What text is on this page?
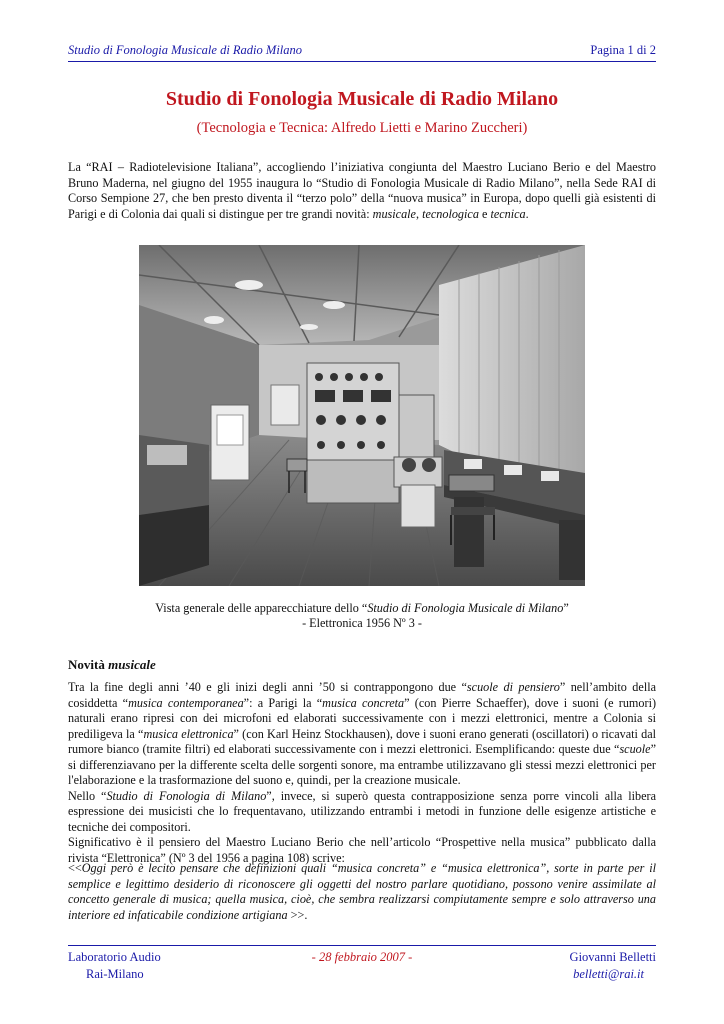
Studio di Fonologia Musicale di Radio Milano	Pagina 1 di 2
Studio di Fonologia Musicale di Radio Milano
(Tecnologia e Tecnica: Alfredo Lietti e Marino Zuccheri)

La “RAI – Radiotelevisione Italiana”, accogliendo l’iniziativa congiunta del Maestro Luciano Berio e del Maestro Bruno Maderna, nel giugno del 1955 inaugura lo “Studio di Fonologia Musicale di Radio Milano”, nella Sede RAI di Corso Sempione 27, che ben presto diventa il “terzo polo” della “nuova musica” in Europa, dopo quelli già esistenti di Parigi e di Colonia dai quali si distingue per tre grandi novità: musicale, tecnologica e tecnica.

Vista generale delle apparecchiature dello “Studio di Fonologia Musicale di Milano”
- Elettronica 1956 Nº 3 -
Novità musicale
Tra la fine degli anni ’40 e gli inizi degli anni ’50 si contrappongono due “scuole di pensiero” nell’ambito della cosiddetta “musica contemporanea”: a Parigi la “musica concreta” (con Pierre Schaeffer), dove i suoni (e rumori) naturali erano ripresi con dei microfoni ed elaborati successivamente con i mezzi elettronici, mentre a Colonia si prediligeva la “musica elettronica” (con Karl Heinz Stockhausen), dove i suoni erano generati (oscillatori) o ricavati dal rumore bianco (tramite filtri) ed elaborati successivamente con i mezzi elettronici. Esemplificando: queste due “scuole” si differenziavano per la differente scelta delle sorgenti sonore, ma entrambe utilizzavano gli stessi mezzi elettronici per l'elaborazione e la trasformazione del suono e, quindi, per la creazione musicale.
Nello “Studio di Fonologia di Milano”, invece, si superò questa contrapposizione senza porre vincoli alla libera espressione dei musicisti che lo frequentavano, utilizzando entrambi i metodi in funzione delle esigenze artistiche e tecniche dei compositori.
Significativo è il pensiero del Maestro Luciano Berio che nell’articolo “Prospettive nella musica” pubblicato dalla rivista “Elettronica” (Nº 3 del 1956 a pagina 108) scrive:

<<Oggi però è lecito pensare che definizioni quali “musica concreta” e “musica elettronica”, sorte in parte per il semplice e legittimo desiderio di riconoscere gli oggetti del nostro parlare quotidiano, possono venire assimilate al concetto generale di musica; quella musica, cioè, che sembra realizzarsi compiutamente sempre e solo attraverso una interiore ed infaticabile condizione artigiana >>.

Laboratorio Audio
Rai-Milano
- 28 febbraio 2007 -	Giovanni Belletti
belletti@rai.it
